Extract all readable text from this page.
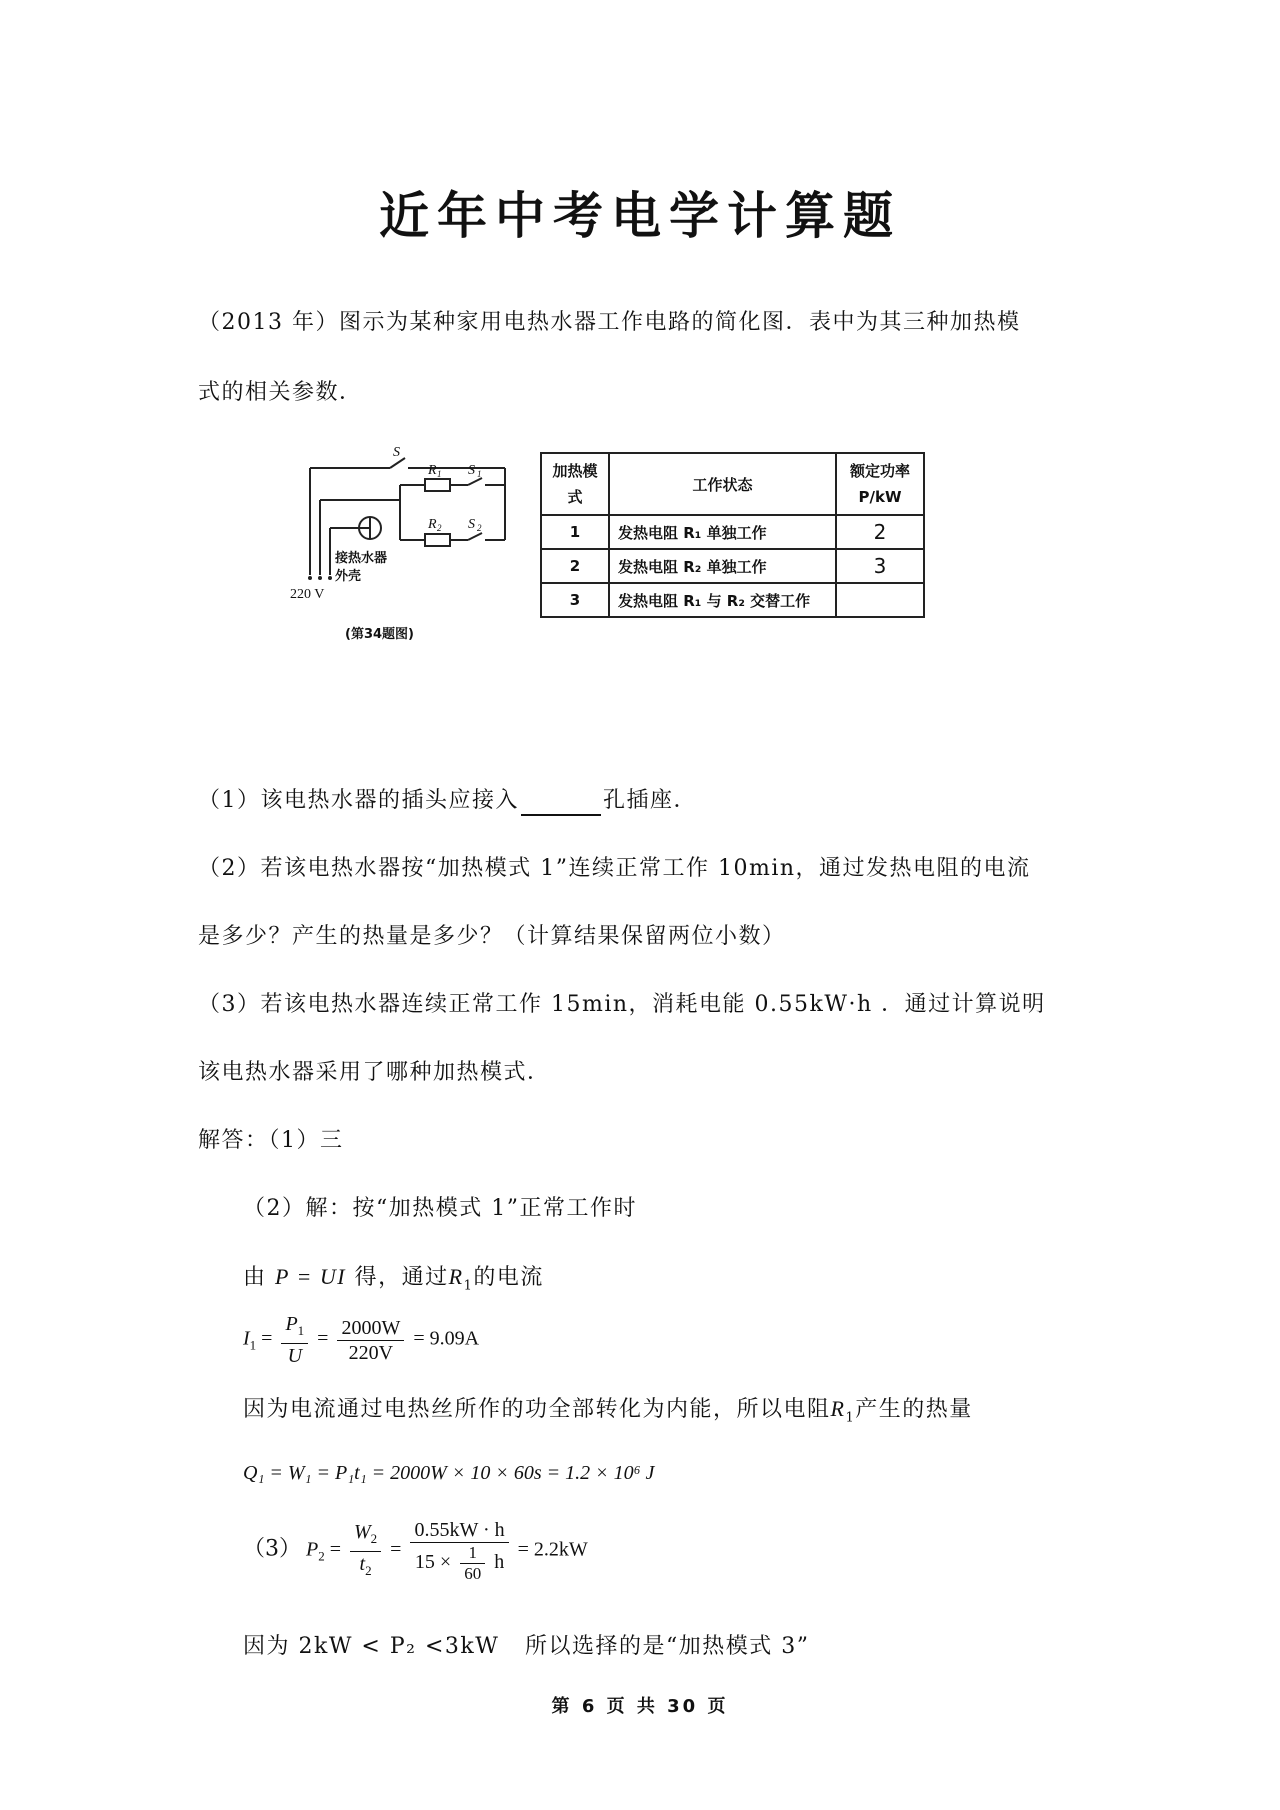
近年中考电学计算题
（2013 年）图示为某种家用电热水器工作电路的简化图．表中为其三种加热模
式的相关参数．
S
R 1 S 1
R 2 S 2
接热水器
外壳
220 V
(第34题图)
加热模式	工作状态	额定功率
P/kW

1	发热电阻 R₁ 单独工作	2
2	发热电阻 R₂ 单独工作	3
3	发热电阻 R₁ 与 R₂ 交替工作	
（1）该电热水器的插头应接入	孔插座．
（2）若该电热水器按“加热模式 1”连续正常工作 10min，通过发热电阻的电流
是多少？产生的热量是多少？（计算结果保留两位小数）
（3）若该电热水器连续正常工作 15min，消耗电能 0.55kW·h ．通过计算说明
该电热水器采用了哪种加热模式．
解答：（1）三
（2）解：按“加热模式 1”正常工作时
由 P = UI 得，通过$R_1$的电流
$I_1 = \frac{P_1}{U} = \frac{2000W}{220V} = 9.09A$
因为电流通过电热丝所作的功全部转化为内能，所以电阻$R_1$产生的热量
Q₁ = W₁ = P₁t₁ = 2000W × 10 × 60s = 1.2 × 10⁶ J
（3） $P_2 = \frac{W_2}{t_2} = \frac{0.55kW \cdot h}{15 \times \frac{1}{60} h} = 2.2kW$
因为 2kW < P₂ <3kW 所以选择的是“加热模式 3”
第 6 页 共 30 页
